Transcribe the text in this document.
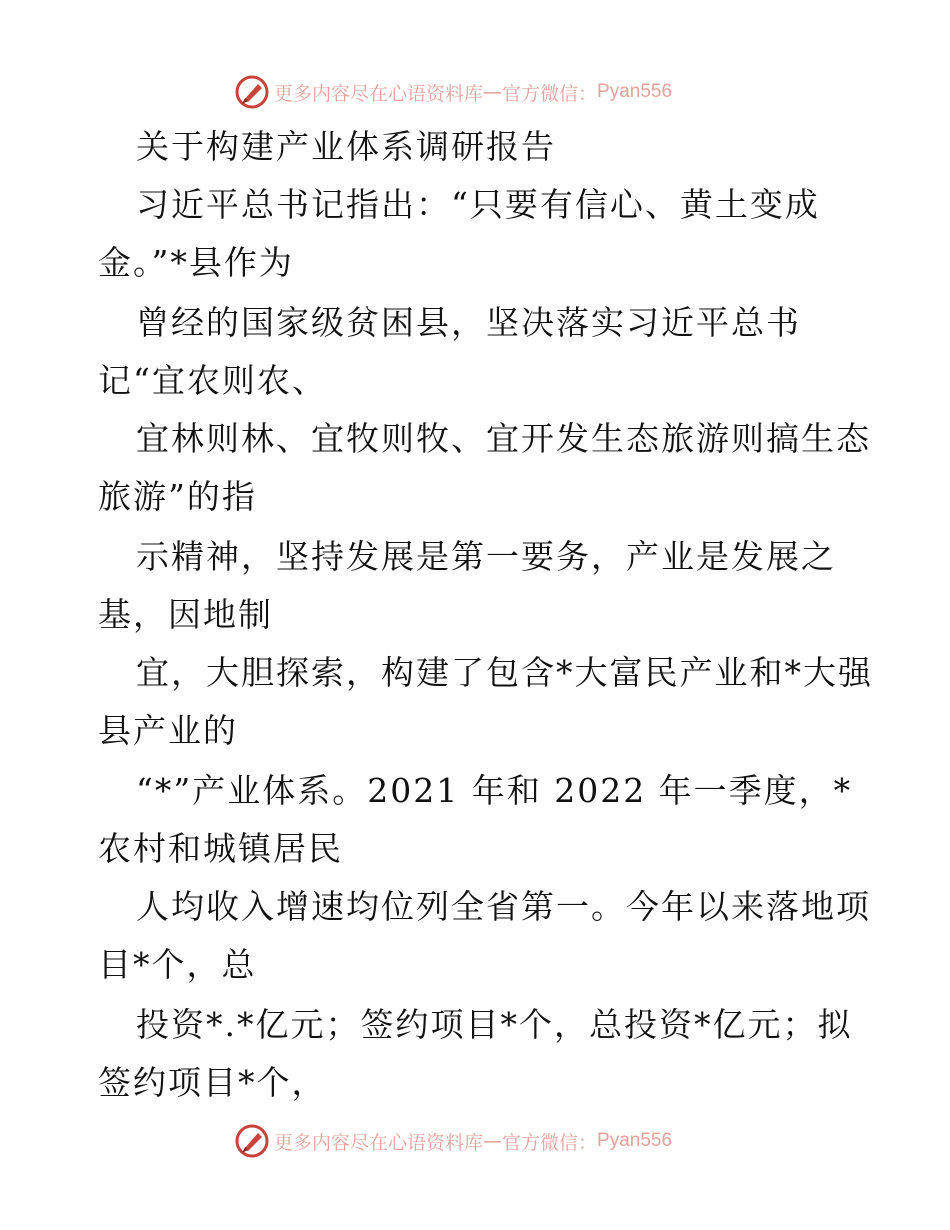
更多内容尽在心语资料库 — 官方微信： Pyan556
关于构建产业体系调研报告
习近平总书记指出：“只要有信心、黄土变成
金。”*县作为
曾经的国家级贫困县，坚决落实习近平总书
记“宜农则农、
宜林则林、宜牧则牧、宜开发生态旅游则搞生态
旅游”的指
示精神，坚持发展是第一要务，产业是发展之
基，因地制
宜，大胆探索，构建了包含*大富民产业和*大强
县产业的
“*”产业体系。2021 年和 2022 年一季度，*
农村和城镇居民
人均收入增速均位列全省第一。今年以来落地项
目*个，总
投资*.*亿元；签约项目*个，总投资*亿元；拟
签约项目*个，
更多内容尽在心语资料库 — 官方微信： Pyan556
